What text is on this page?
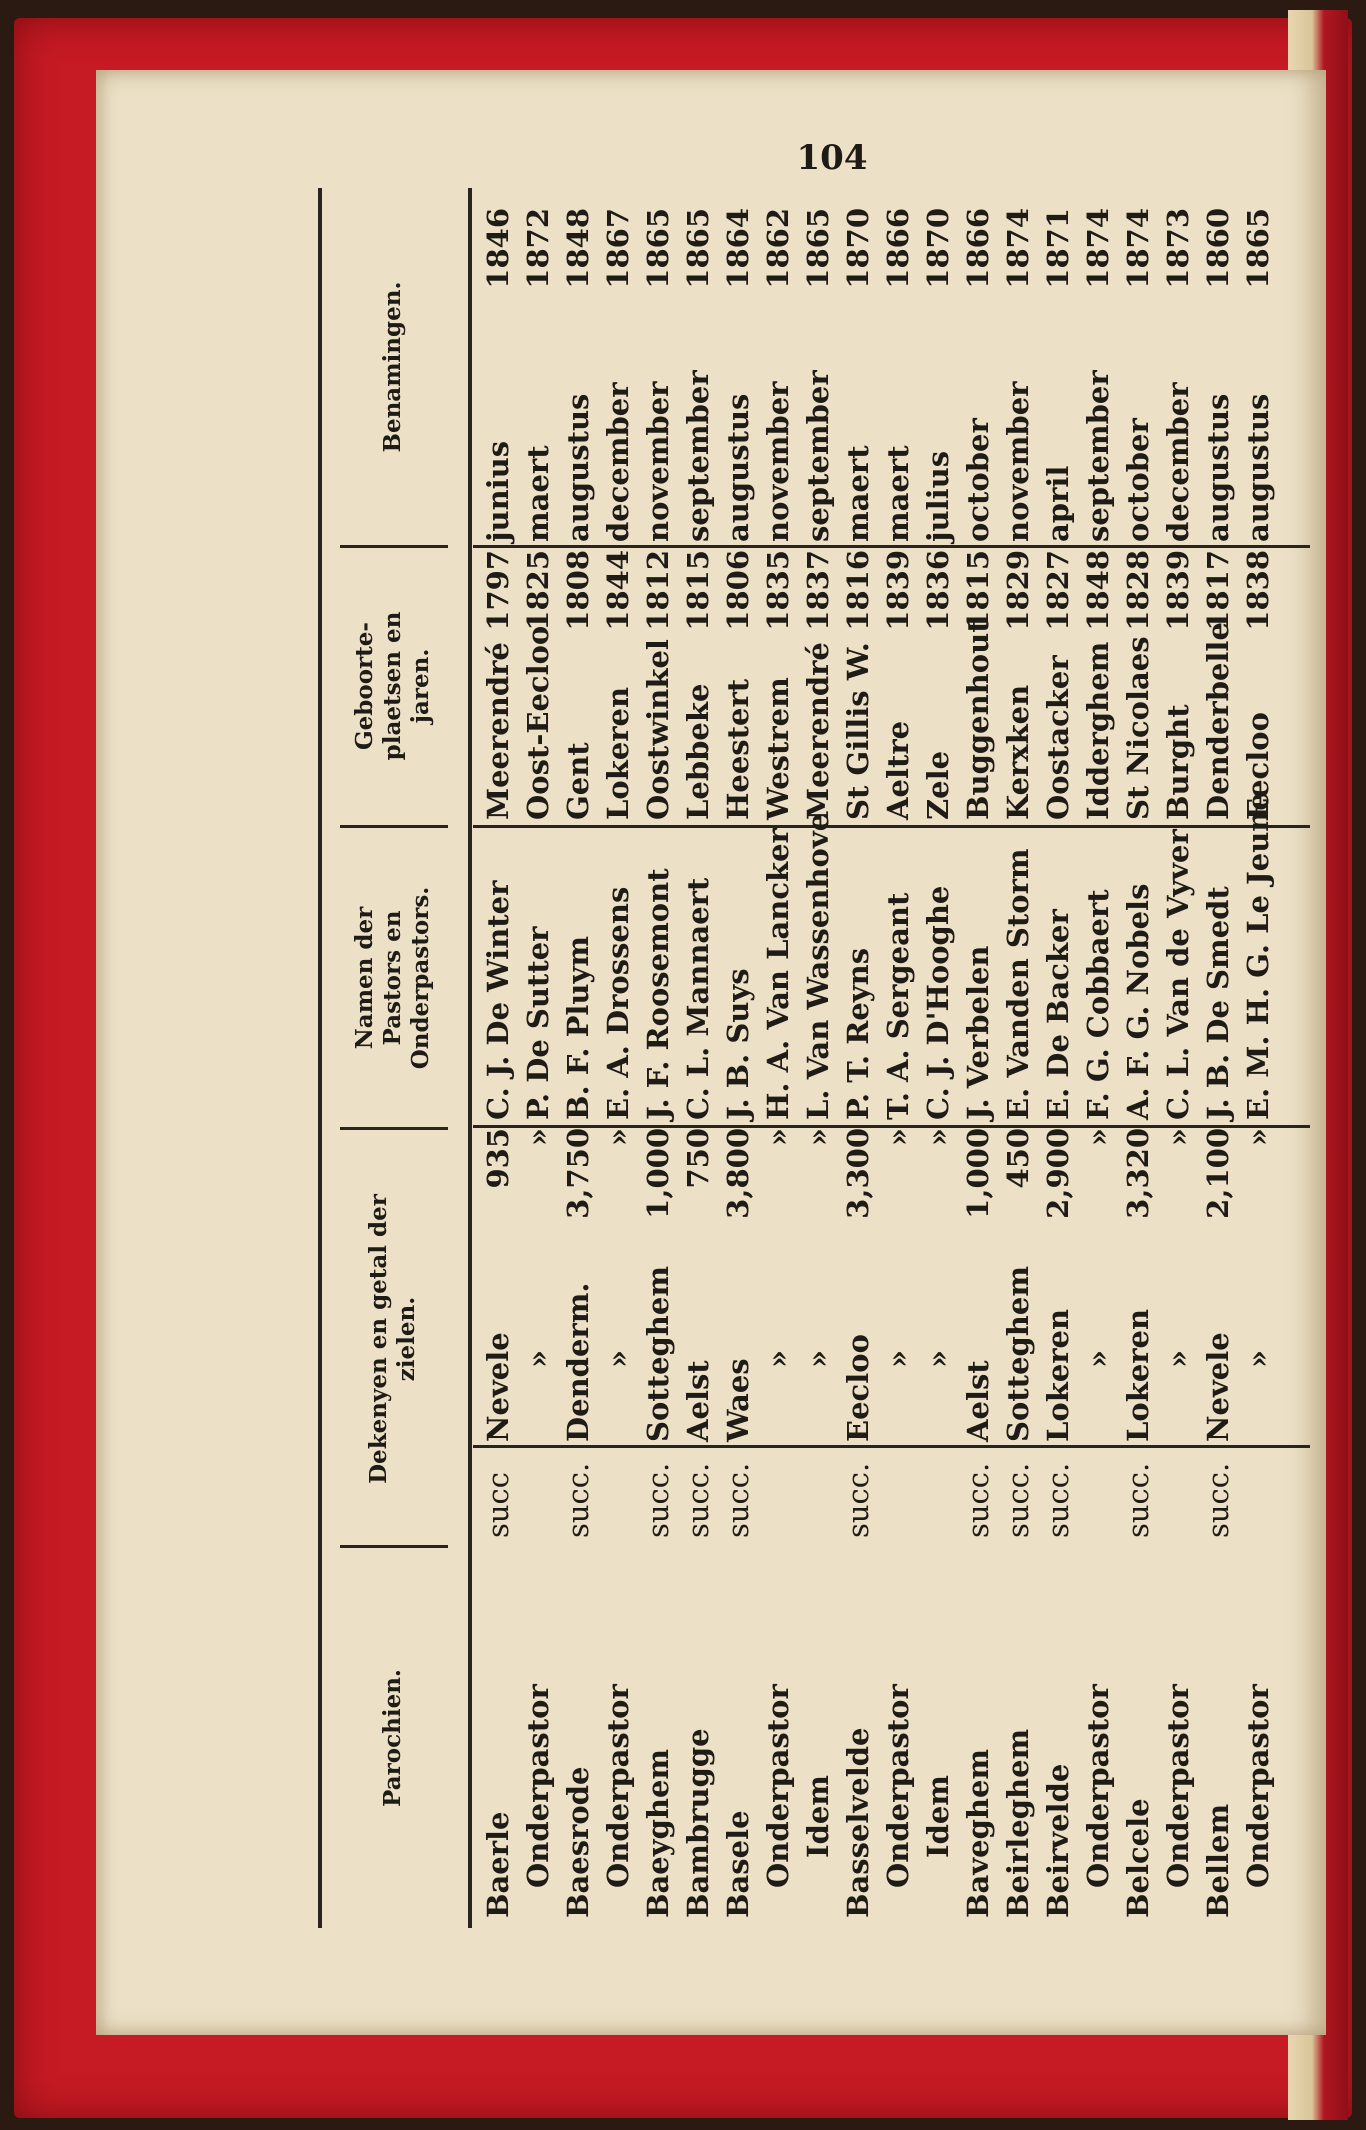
104
Parochien.
Dekenyen en getal der zielen.
Namen der Pastors en Onderpastors.
Geboorte-plaetsen en jaren.
Benamingen.
Baerle
succ
Nevele
935
C. J. De Winter
Meerendré
1797
junius
1846
Onderpastor
»
»
P. De Sutter
Oost-Eecloo
1825
maert
1872
Baesrode
succ.
Denderm.
3,750
B. F. Pluym
Gent
1808
augustus
1848
Onderpastor
»
»
E. A. Drossens
Lokeren
1844
december
1867
Baeyghem
succ.
Sotteghem
1,000
J. F. Roosemont
Oostwinkel
1812
november
1865
Bambrugge
succ.
Aelst
750
C. L. Mannaert
Lebbeke
1815
september
1865
Basele
succ.
Waes
3,800
J. B. Suys
Heestert
1806
augustus
1864
Onderpastor
»
»
H. A. Van Lancker
Westrem
1835
november
1862
Idem
»
»
L. Van Wassenhove
Meerendré
1837
september
1865
Basselvelde
succ.
Eecloo
3,300
P. T. Reyns
St Gillis W.
1816
maert
1870
Onderpastor
»
»
T. A. Sergeant
Aeltre
1839
maert
1866
Idem
»
»
C. J. D'Hooghe
Zele
1836
julius
1870
Baveghem
succ.
Aelst
1,000
J. Verbelen
Buggenhout
1815
october
1866
Beirleghem
succ.
Sotteghem
450
E. Vanden Storm
Kerxken
1829
november
1874
Beirvelde
succ.
Lokeren
2,900
E. De Backer
Oostacker
1827
april
1871
Onderpastor
»
»
F. G. Cobbaert
Idderghem
1848
september
1874
Belcele
succ.
Lokeren
3,320
A. F. G. Nobels
St Nicolaes
1828
october
1874
Onderpastor
»
»
C. L. Van de Vyver
Burght
1839
december
1873
Bellem
succ.
Nevele
2,100
J. B. De Smedt
Denderbelle
1817
augustus
1860
Onderpastor
»
»
E. M. H. G. Le Jeune
Eecloo
1838
augustus
1865
